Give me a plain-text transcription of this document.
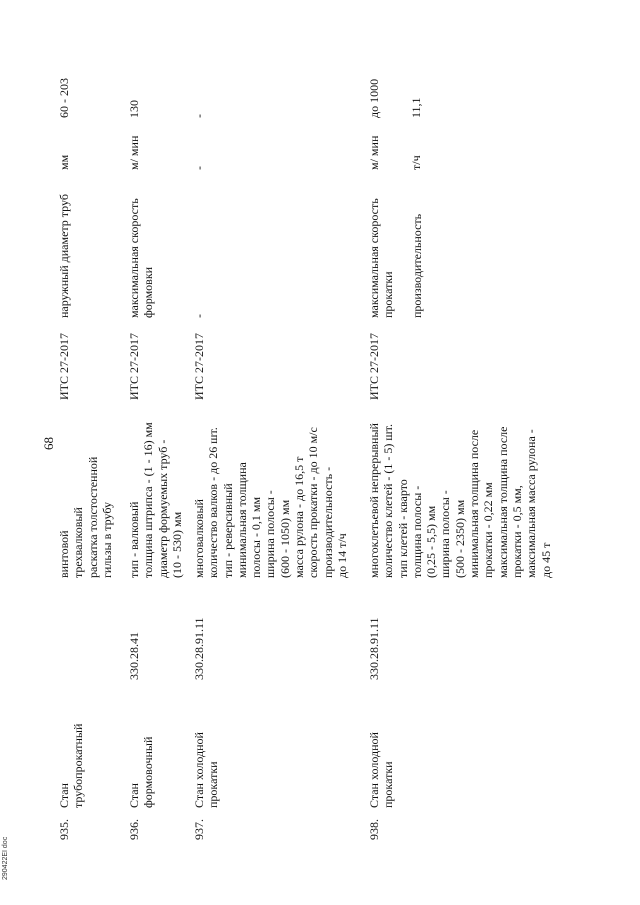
68
935.
Стан трубопрокатный
винтовой трехвалковый раскатка толстостенной гильзы в трубу
ИТС 27-2017
наружный диаметр труб
мм
60 - 203
936.
Стан формовочный
330.28.41
тип - валковый толщина штрипса - (1 - 16) мм диаметр формуемых труб - (10 - 530) мм
ИТС 27-2017
максимальная скорость формовки
м/ мин
130
937.
Стан холодной прокатки
330.28.91.11
многовалковый количество валков - до 26 шт. тип - реверсивный минимальная толщина полосы - 0,1 мм ширина полосы - (600 - 1050) мм масса рулона - до 16,5 т скорость прокатки - до 10 м/с производительность - до 14 т/ч
ИТС 27-2017
-
-
-
938.
Стан холодной прокатки
330.28.91.11
многоклетьевой непрерывный количество клетей - (1 - 5) шт. тип клетей - кварто толщина полосы - (0,25 - 5,5) мм ширина полосы - (500 - 2350) мм минимальная толщина после прокатки - 0,22 мм максимальная толщина после прокатки - 0,5 мм, максимальная масса рулона - до 45 т
ИТС 27-2017
максимальная скорость прокатки производительность
м/ мин т/ч
до 1000 11,1
290422EI doc
